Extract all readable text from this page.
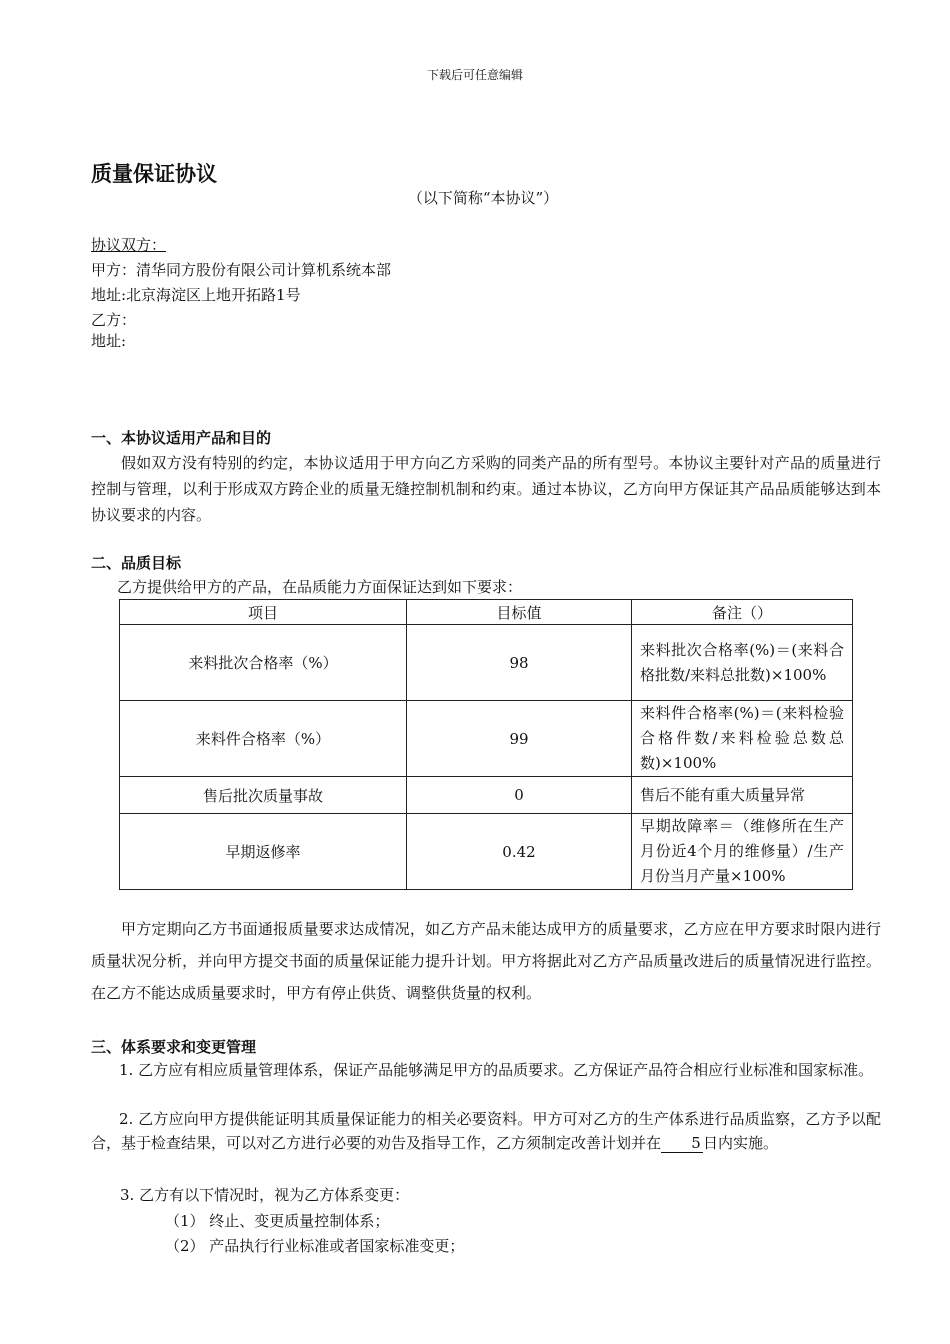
下载后可任意编辑
质量保证协议
（以下简称“本协议”）
协议双方：
甲方：清华同方股份有限公司计算机系统本部
地址:北京海淀区上地开拓路1号
乙方：
地址:
一、本协议适用产品和目的
假如双方没有特别的约定，本协议适用于甲方向乙方采购的同类产品的所有型号。本协议主要针对产品的质量进行控制与管理，以利于形成双方跨企业的质量无缝控制机制和约束。通过本协议，乙方向甲方保证其产品品质能够达到本协议要求的内容。
二、品质目标
乙方提供给甲方的产品，在品质能力方面保证达到如下要求：
项目	目标值	备注（）
来料批次合格率（%）	98	来料批次合格率(%)＝(来料合格批数/来料总批数)×100%
来料件合格率（%）	99	来料件合格率(%)＝(来料检验合格件数/来料检验总数总数)×100%
售后批次质量事故	0	售后不能有重大质量异常
早期返修率	0.42	早期故障率＝（维修所在生产月份近4个月的维修量）/生产月份当月产量×100%
甲方定期向乙方书面通报质量要求达成情况，如乙方产品未能达成甲方的质量要求，乙方应在甲方要求时限内进行质量状况分析，并向甲方提交书面的质量保证能力提升计划。甲方将据此对乙方产品质量改进后的质量情况进行监控。在乙方不能达成质量要求时，甲方有停止供货、调整供货量的权利。
三、体系要求和变更管理
1. 乙方应有相应质量管理体系，保证产品能够满足甲方的品质要求。乙方保证产品符合相应行业标准和国家标准。
2. 乙方应向甲方提供能证明其质量保证能力的相关必要资料。甲方可对乙方的生产体系进行品质监察，乙方予以配合，基于检查结果，可以对乙方进行必要的劝告及指导工作，乙方须制定改善计划并在 5 日内实施。
3. 乙方有以下情况时，视为乙方体系变更：
（1） 终止、变更质量控制体系；
（2） 产品执行行业标准或者国家标准变更；
